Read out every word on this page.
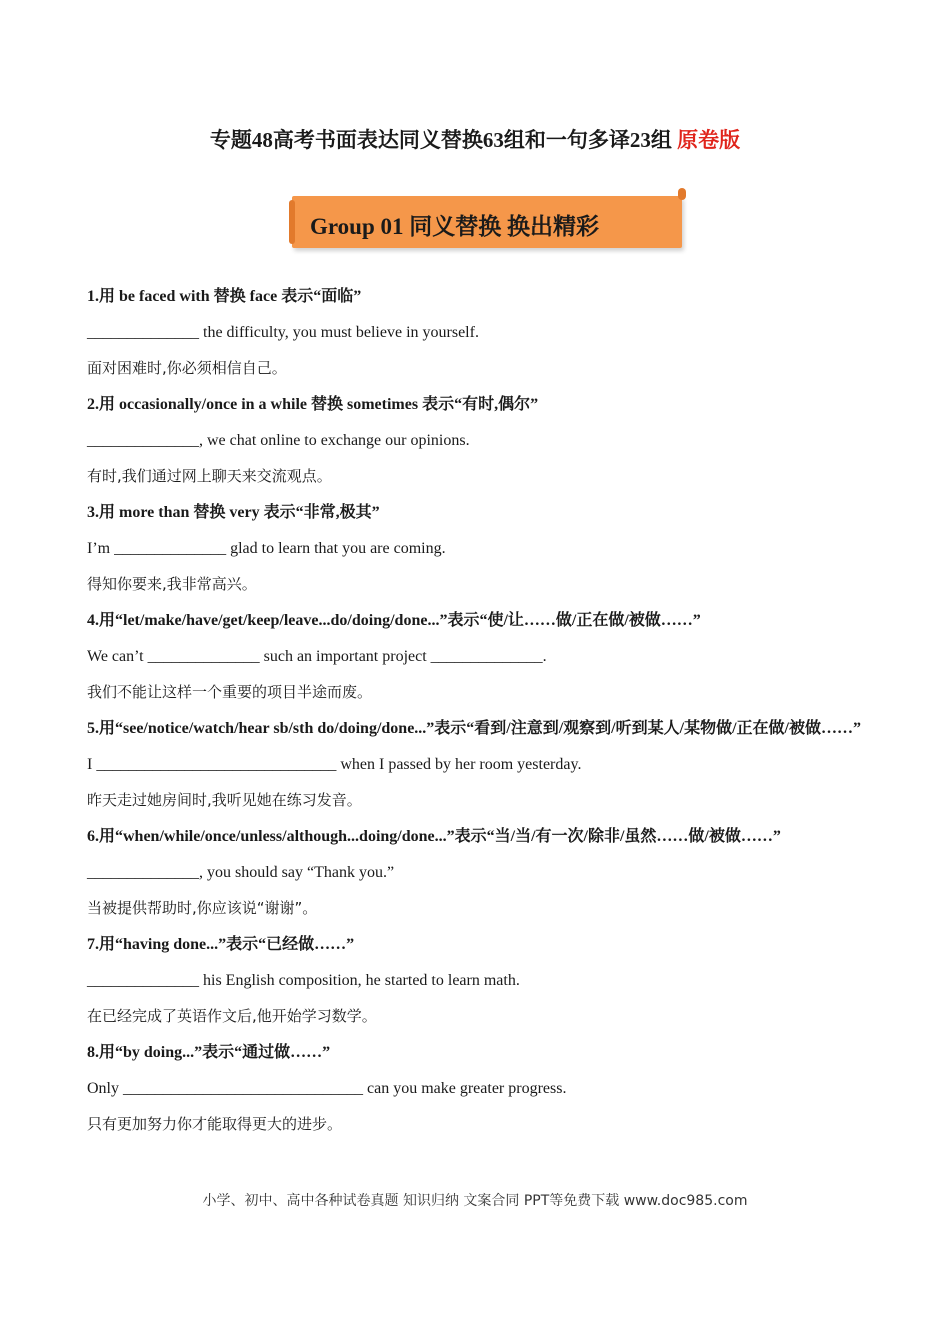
专题48高考书面表达同义替换63组和一句多译23组 原卷版
Group 01 同义替换 换出精彩

1.用 be faced with 替换 face 表示“面临”

______________ the difficulty, you must believe in yourself.

面对困难时,你必须相信自己。

2.用 occasionally/once in a while 替换 sometimes 表示“有时,偶尔”

______________, we chat online to exchange our opinions.

有时,我们通过网上聊天来交流观点。

3.用 more than 替换 very 表示“非常,极其”

I’m ______________ glad to learn that you are coming.

得知你要来,我非常高兴。

4.用“let/make/have/get/keep/leave...do/doing/done...”表示“使/让……做/正在做/被做……”

We can’t ______________ such an important project ______________.

我们不能让这样一个重要的项目半途而废。

5.用“see/notice/watch/hear sb/sth do/doing/done...”表示“看到/注意到/观察到/听到某人/某物做/正在做/被做……”

I ______________________________ when I passed by her room yesterday.

昨天走过她房间时,我听见她在练习发音。

6.用“when/while/once/unless/although...doing/done...”表示“当/当/有一次/除非/虽然……做/被做……”

______________, you should say “Thank you.”

当被提供帮助时,你应该说“谢谢”。

7.用“having done...”表示“已经做……”

______________ his English composition, he started to learn math.

在已经完成了英语作文后,他开始学习数学。

8.用“by doing...”表示“通过做……”

Only ______________________________ can you make greater progress.

只有更加努力你才能取得更大的进步。

小学、初中、高中各种试卷真题 知识归纳 文案合同 PPT等免费下载 www.doc985.com
